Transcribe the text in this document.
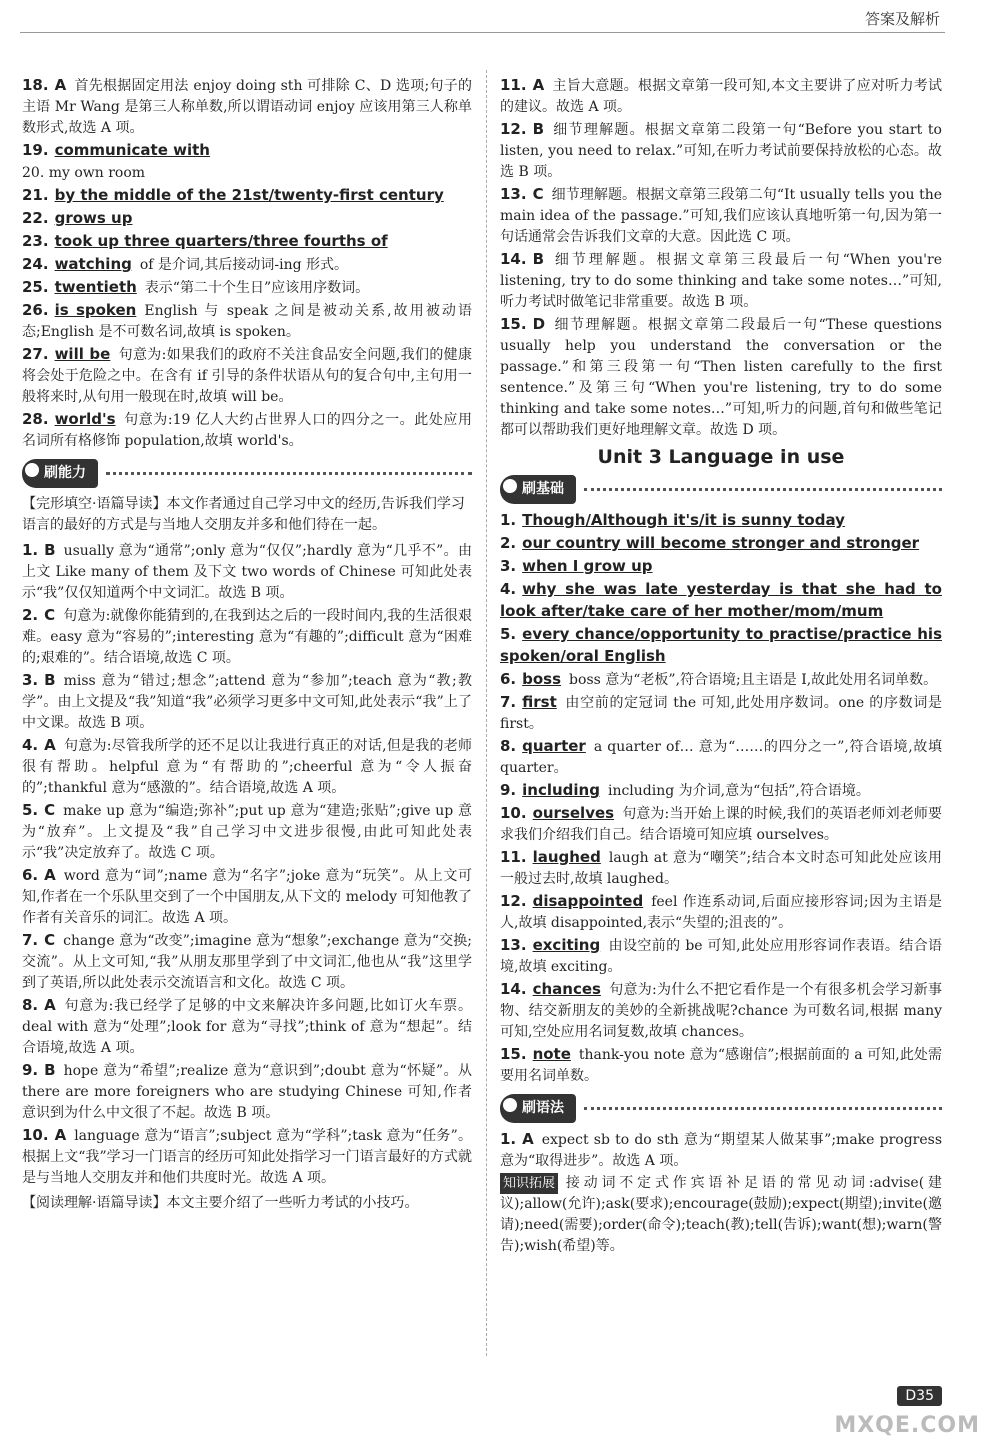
答案及解析
18. A 首先根据固定用法 enjoy doing sth 可排除 C、D 选项;句子的主语 Mr Wang 是第三人称单数,所以谓语动词 enjoy 应该用第三人称单数形式,故选 A 项。
19. communicate with
20. my own room
21. by the middle of the 21st/twenty-first century
22. grows up
23. took up three quarters/three fourths of
24. watching of 是介词,其后接动词-ing 形式。
25. twentieth 表示“第二十个生日”应该用序数词。
26. is spoken English 与 speak 之间是被动关系,故用被动语态;English 是不可数名词,故填 is spoken。
27. will be 句意为:如果我们的政府不关注食品安全问题,我们的健康将会处于危险之中。在含有 if 引导的条件状语从句的复合句中,主句用一般将来时,从句用一般现在时,故填 will be。
28. world's 句意为:19 亿人大约占世界人口的四分之一。此处应用名词所有格修饰 population,故填 world's。
刷能力
【完形填空·语篇导读】本文作者通过自己学习中文的经历,告诉我们学习语言的最好的方式是与当地人交朋友并多和他们待在一起。
1. B usually 意为“通常”;only 意为“仅仅”;hardly 意为“几乎不”。由上文 Like many of them 及下文 two words of Chinese 可知此处表示“我”仅仅知道两个中文词汇。故选 B 项。
2. C 句意为:就像你能猜到的,在我到达之后的一段时间内,我的生活很艰难。easy 意为“容易的”;interesting 意为“有趣的”;difficult 意为“困难的;艰难的”。结合语境,故选 C 项。
3. B miss 意为“错过;想念”;attend 意为“参加”;teach 意为“教;教学”。由上文提及“我”知道“我”必须学习更多中文可知,此处表示“我”上了中文课。故选 B 项。
4. A 句意为:尽管我所学的还不足以让我进行真正的对话,但是我的老师很有帮助。helpful 意为“有帮助的”;cheerful 意为“令人振奋的”;thankful 意为“感激的”。结合语境,故选 A 项。
5. C make up 意为“编造;弥补”;put up 意为“建造;张贴”;give up 意为“放弃”。上文提及“我”自己学习中文进步很慢,由此可知此处表示“我”决定放弃了。故选 C 项。
6. A word 意为“词”;name 意为“名字”;joke 意为“玩笑”。从上文可知,作者在一个乐队里交到了一个中国朋友,从下文的 melody 可知他教了作者有关音乐的词汇。故选 A 项。
7. C change 意为“改变”;imagine 意为“想象”;exchange 意为“交换;交流”。从上文可知,“我”从朋友那里学到了中文词汇,他也从“我”这里学到了英语,所以此处表示交流语言和文化。故选 C 项。
8. A 句意为:我已经学了足够的中文来解决许多问题,比如订火车票。deal with 意为“处理”;look for 意为“寻找”;think of 意为“想起”。结合语境,故选 A 项。
9. B hope 意为“希望”;realize 意为“意识到”;doubt 意为“怀疑”。从 there are more foreigners who are studying Chinese 可知,作者意识到为什么中文很了不起。故选 B 项。
10. A language 意为“语言”;subject 意为“学科”;task 意为“任务”。根据上文“我”学习一门语言的经历可知此处指学习一门语言最好的方式就是与当地人交朋友并和他们共度时光。故选 A 项。
【阅读理解·语篇导读】本文主要介绍了一些听力考试的小技巧。
11. A 主旨大意题。根据文章第一段可知,本文主要讲了应对听力考试的建议。故选 A 项。
12. B 细节理解题。根据文章第二段第一句“Before you start to listen, you need to relax.”可知,在听力考试前要保持放松的心态。故选 B 项。
13. C 细节理解题。根据文章第三段第二句“It usually tells you the main idea of the passage.”可知,我们应该认真地听第一句,因为第一句话通常会告诉我们文章的大意。因此选 C 项。
14. B 细节理解题。根据文章第三段最后一句“When you're listening, try to do some thinking and take some notes…”可知,听力考试时做笔记非常重要。故选 B 项。
15. D 细节理解题。根据文章第二段最后一句“These questions usually help you understand the conversation or the passage.”和第三段第一句“Then listen carefully to the first sentence.”及第三句“When you're listening, try to do some thinking and take some notes…”可知,听力的问题,首句和做些笔记都可以帮助我们更好地理解文章。故选 D 项。
Unit 3 Language in use
刷基础
1. Though/Although it's/it is sunny today
2. our country will become stronger and stronger
3. when I grow up
4. why she was late yesterday is that she had to look after/take care of her mother/mom/mum
5. every chance/opportunity to practise/practice his spoken/oral English
6. boss boss 意为“老板”,符合语境;且主语是 I,故此处用名词单数。
7. first 由空前的定冠词 the 可知,此处用序数词。one 的序数词是 first。
8. quarter a quarter of… 意为“……的四分之一”,符合语境,故填 quarter。
9. including including 为介词,意为“包括”,符合语境。
10. ourselves 句意为:当开始上课的时候,我们的英语老师刘老师要求我们介绍我们自己。结合语境可知应填 ourselves。
11. laughed laugh at 意为“嘲笑”;结合本文时态可知此处应该用一般过去时,故填 laughed。
12. disappointed feel 作连系动词,后面应接形容词;因为主语是人,故填 disappointed,表示“失望的;沮丧的”。
13. exciting 由设空前的 be 可知,此处应用形容词作表语。结合语境,故填 exciting。
14. chances 句意为:为什么不把它看作是一个有很多机会学习新事物、结交新朋友的美妙的全新挑战呢?chance 为可数名词,根据 many 可知,空处应用名词复数,故填 chances。
15. note thank-you note 意为“感谢信”;根据前面的 a 可知,此处需要用名词单数。
刷语法
1. A expect sb to do sth 意为“期望某人做某事”;make progress 意为“取得进步”。故选 A 项。
知识拓展 接动词不定式作宾语补足语的常见动词:advise(建议);allow(允许);ask(要求);encourage(鼓励);expect(期望);invite(邀请);need(需要);order(命令);teach(教);tell(告诉);want(想);warn(警告);wish(希望)等。
D35
MXQE.COM
